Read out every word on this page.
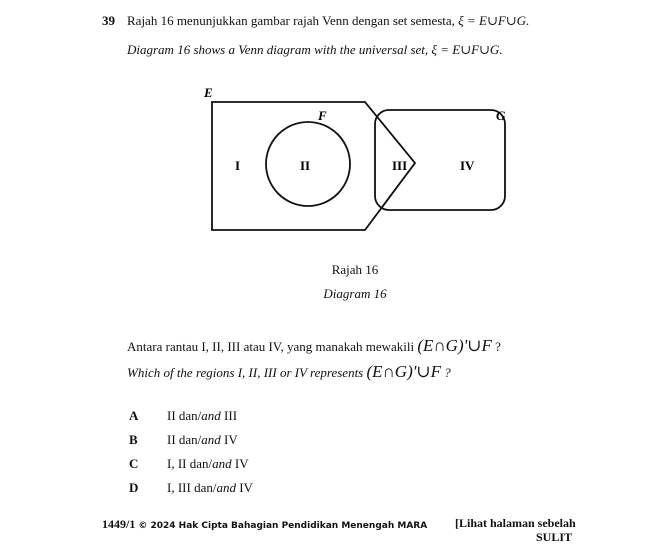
39 Rajah 16 menunjukkan gambar rajah Venn dengan set semesta, ξ = E∪F∪G.
Diagram 16 shows a Venn diagram with the universal set, ξ = E∪F∪G.
E
F	G
I	II	III	IV
Rajah 16
Diagram 16
Antara rantau I, II, III atau IV, yang manakah mewakili (E∩G)'∪F ?
Which of the regions I, II, III or IV represents (E∩G)'∪F ?
A II dan/and III
B II dan/and IV
C I, II dan/and IV
D I, III dan/and IV
1449/1 © 2024 Hak Cipta Bahagian Pendidikan Menengah MARA [Lihat halaman sebelah
SULIT
